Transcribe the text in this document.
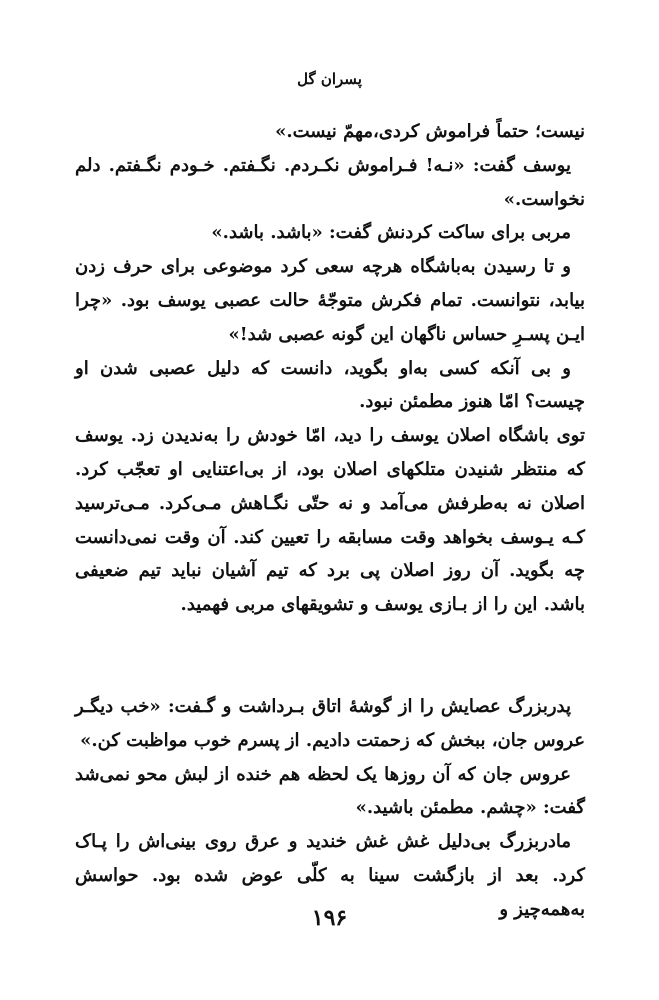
پسران گل

نیست؛ حتماً فراموش کردی،مهمّ نیست.»

یوسف گفت: «نـه! فـراموش نکـردم. نگـفتم. خـودم نگـفتم. دلم نخواست.»

مربی برای ساکت کردنش گفت: «باشد. باشد.»

و تا رسیدن به‌باشگاه هرچه سعی کرد موضوعی برای حرف زدن بیابد، نتوانست. تمام فکرش متوجّهٔ حالت عصبی یوسف بود. «چرا ایـن پسـرِ حساس ناگهان این گونه عصبی شد!»

و بی آنکه کسی به‌او بگوید، دانست که دلیل عصبی شدن او چیست؟ امّا هنوز مطمئن نبود.

توی باشگاه اصلان یوسف را دید، امّا خودش را به‌ندیدن زد. یوسف که منتظر شنیدن متلکهای اصلان بود، از بی‌اعتنایی او تعجّب کرد. اصلان نه به‌طرفش می‌آمد و نه حتّی نگـاهش مـی‌کرد. مـی‌ترسید کـه یـوسف بخواهد وقت مسابقه را تعیین کند. آن وقت نمی‌دانست چه بگوید. آن روز اصلان پی برد که تیم آشیان نباید تیم ضعیفی باشد. این را از بـازی یوسف و تشویقهای مربی فهمید.

پدربزرگ عصایش را از گوشهٔ اتاق بـرداشت و گـفت: «خب دیگـر عروس جان، ببخش که زحمتت دادیم. از پسرم خوب مواظبت کن.»

عروس جان که آن روزها یک لحظه هم خنده از لبش محو نمی‌شد گفت: «چشم. مطمئن باشید.»

مادربزرگ بی‌دلیل غش غش خندید و عرق روی بینی‌اش را پـاک کرد. بعد از بازگشت سینا به کلّی عوض شده بود. حواسش به‌همه‌چیز و

۱۹۶
